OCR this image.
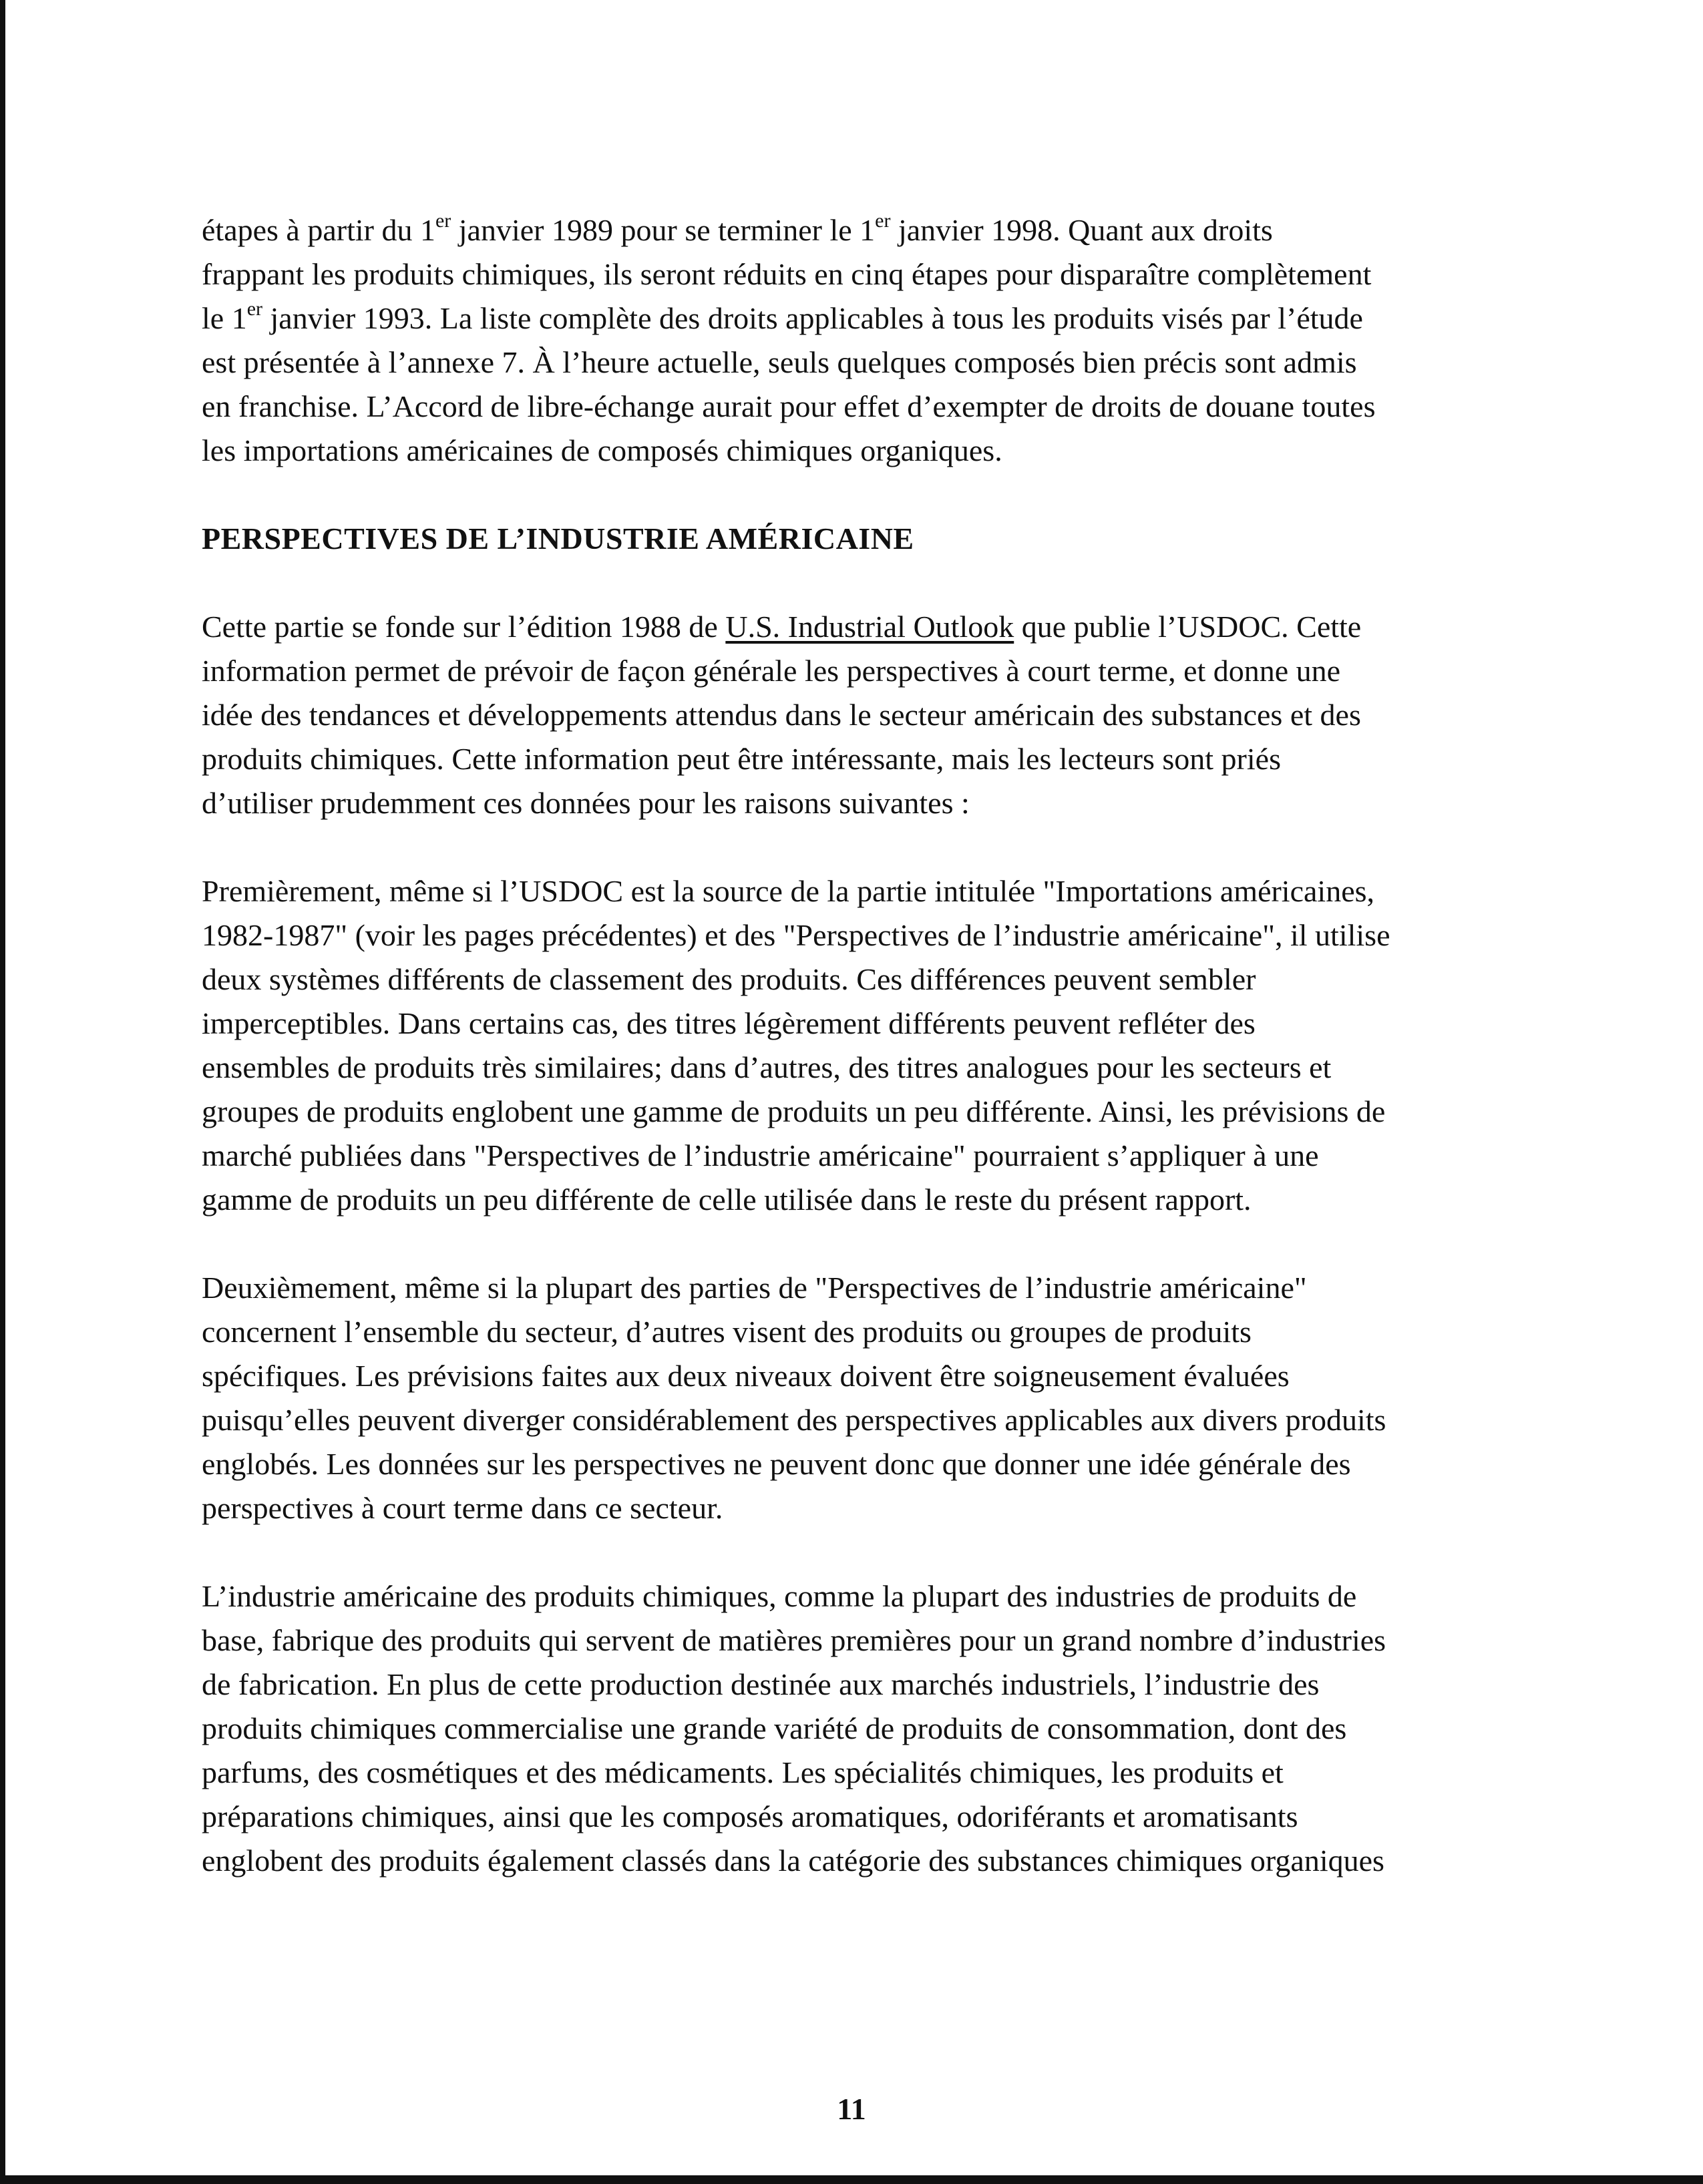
étapes à partir du 1er janvier 1989 pour se terminer le 1er janvier 1998. Quant aux droits
frappant les produits chimiques, ils seront réduits en cinq étapes pour disparaître complètement
le 1er janvier 1993. La liste complète des droits applicables à tous les produits visés par l’étude
est présentée à l’annexe 7. À l’heure actuelle, seuls quelques composés bien précis sont admis
en franchise. L’Accord de libre-échange aurait pour effet d’exempter de droits de douane toutes
les importations américaines de composés chimiques organiques.

PERSPECTIVES DE L’INDUSTRIE AMÉRICAINE

Cette partie se fonde sur l’édition 1988 de U.S. Industrial Outlook que publie l’USDOC. Cette
information permet de prévoir de façon générale les perspectives à court terme, et donne une
idée des tendances et développements attendus dans le secteur américain des substances et des
produits chimiques. Cette information peut être intéressante, mais les lecteurs sont priés
d’utiliser prudemment ces données pour les raisons suivantes :

Premièrement, même si l’USDOC est la source de la partie intitulée "Importations américaines,
1982-1987" (voir les pages précédentes) et des "Perspectives de l’industrie américaine", il utilise
deux systèmes différents de classement des produits. Ces différences peuvent sembler
imperceptibles. Dans certains cas, des titres légèrement différents peuvent refléter des
ensembles de produits très similaires; dans d’autres, des titres analogues pour les secteurs et
groupes de produits englobent une gamme de produits un peu différente. Ainsi, les prévisions de
marché publiées dans "Perspectives de l’industrie américaine" pourraient s’appliquer à une
gamme de produits un peu différente de celle utilisée dans le reste du présent rapport.

Deuxièmement, même si la plupart des parties de "Perspectives de l’industrie américaine"
concernent l’ensemble du secteur, d’autres visent des produits ou groupes de produits
spécifiques. Les prévisions faites aux deux niveaux doivent être soigneusement évaluées
puisqu’elles peuvent diverger considérablement des perspectives applicables aux divers produits
englobés. Les données sur les perspectives ne peuvent donc que donner une idée générale des
perspectives à court terme dans ce secteur.

L’industrie américaine des produits chimiques, comme la plupart des industries de produits de
base, fabrique des produits qui servent de matières premières pour un grand nombre d’industries
de fabrication. En plus de cette production destinée aux marchés industriels, l’industrie des
produits chimiques commercialise une grande variété de produits de consommation, dont des
parfums, des cosmétiques et des médicaments. Les spécialités chimiques, les produits et
préparations chimiques, ainsi que les composés aromatiques, odoriférants et aromatisants
englobent des produits également classés dans la catégorie des substances chimiques organiques

11
